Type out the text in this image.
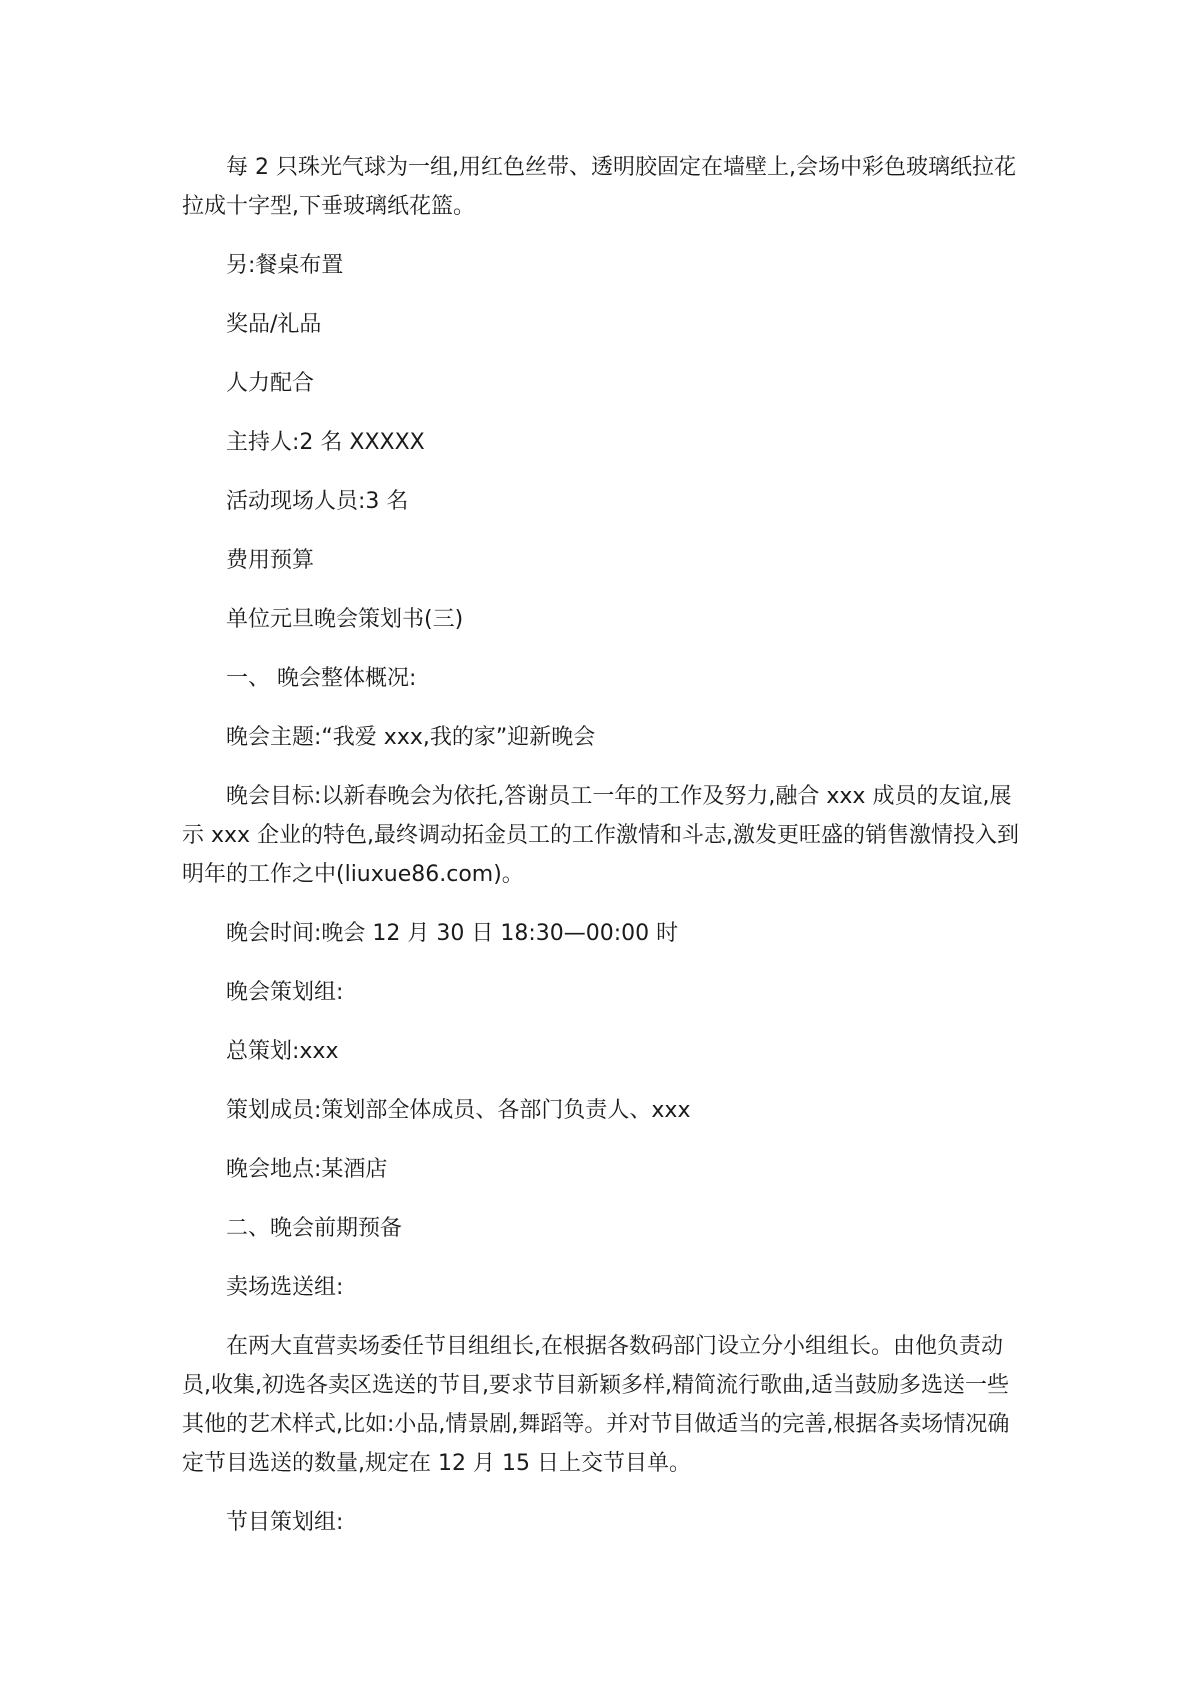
每 2 只珠光气球为一组,用红色丝带、透明胶固定在墙壁上,会场中彩色玻璃纸拉花拉成十字型,下垂玻璃纸花篮。

另:餐桌布置

奖品/礼品

人力配合

主持人:2 名 XXXXX

活动现场人员:3 名

费用预算

单位元旦晚会策划书(三)

一、 晚会整体概况:

晚会主题:“我爱 xxx,我的家”迎新晚会

晚会目标:以新春晚会为依托,答谢员工一年的工作及努力,融合 xxx 成员的友谊,展示 xxx 企业的特色,最终调动拓金员工的工作激情和斗志,激发更旺盛的销售激情投入到明年的工作之中(liuxue86.com)。

晚会时间:晚会 12 月 30 日 18:30—00:00 时

晚会策划组:

总策划:xxx

策划成员:策划部全体成员、各部门负责人、xxx

晚会地点:某酒店

二、晚会前期预备

卖场选送组:

在两大直营卖场委任节目组组长,在根据各数码部门设立分小组组长。由他负责动员,收集,初选各卖区选送的节目,要求节目新颖多样,精简流行歌曲,适当鼓励多选送一些其他的艺术样式,比如:小品,情景剧,舞蹈等。并对节目做适当的完善,根据各卖场情况确定节目选送的数量,规定在 12 月 15 日上交节目单。

节目策划组:
